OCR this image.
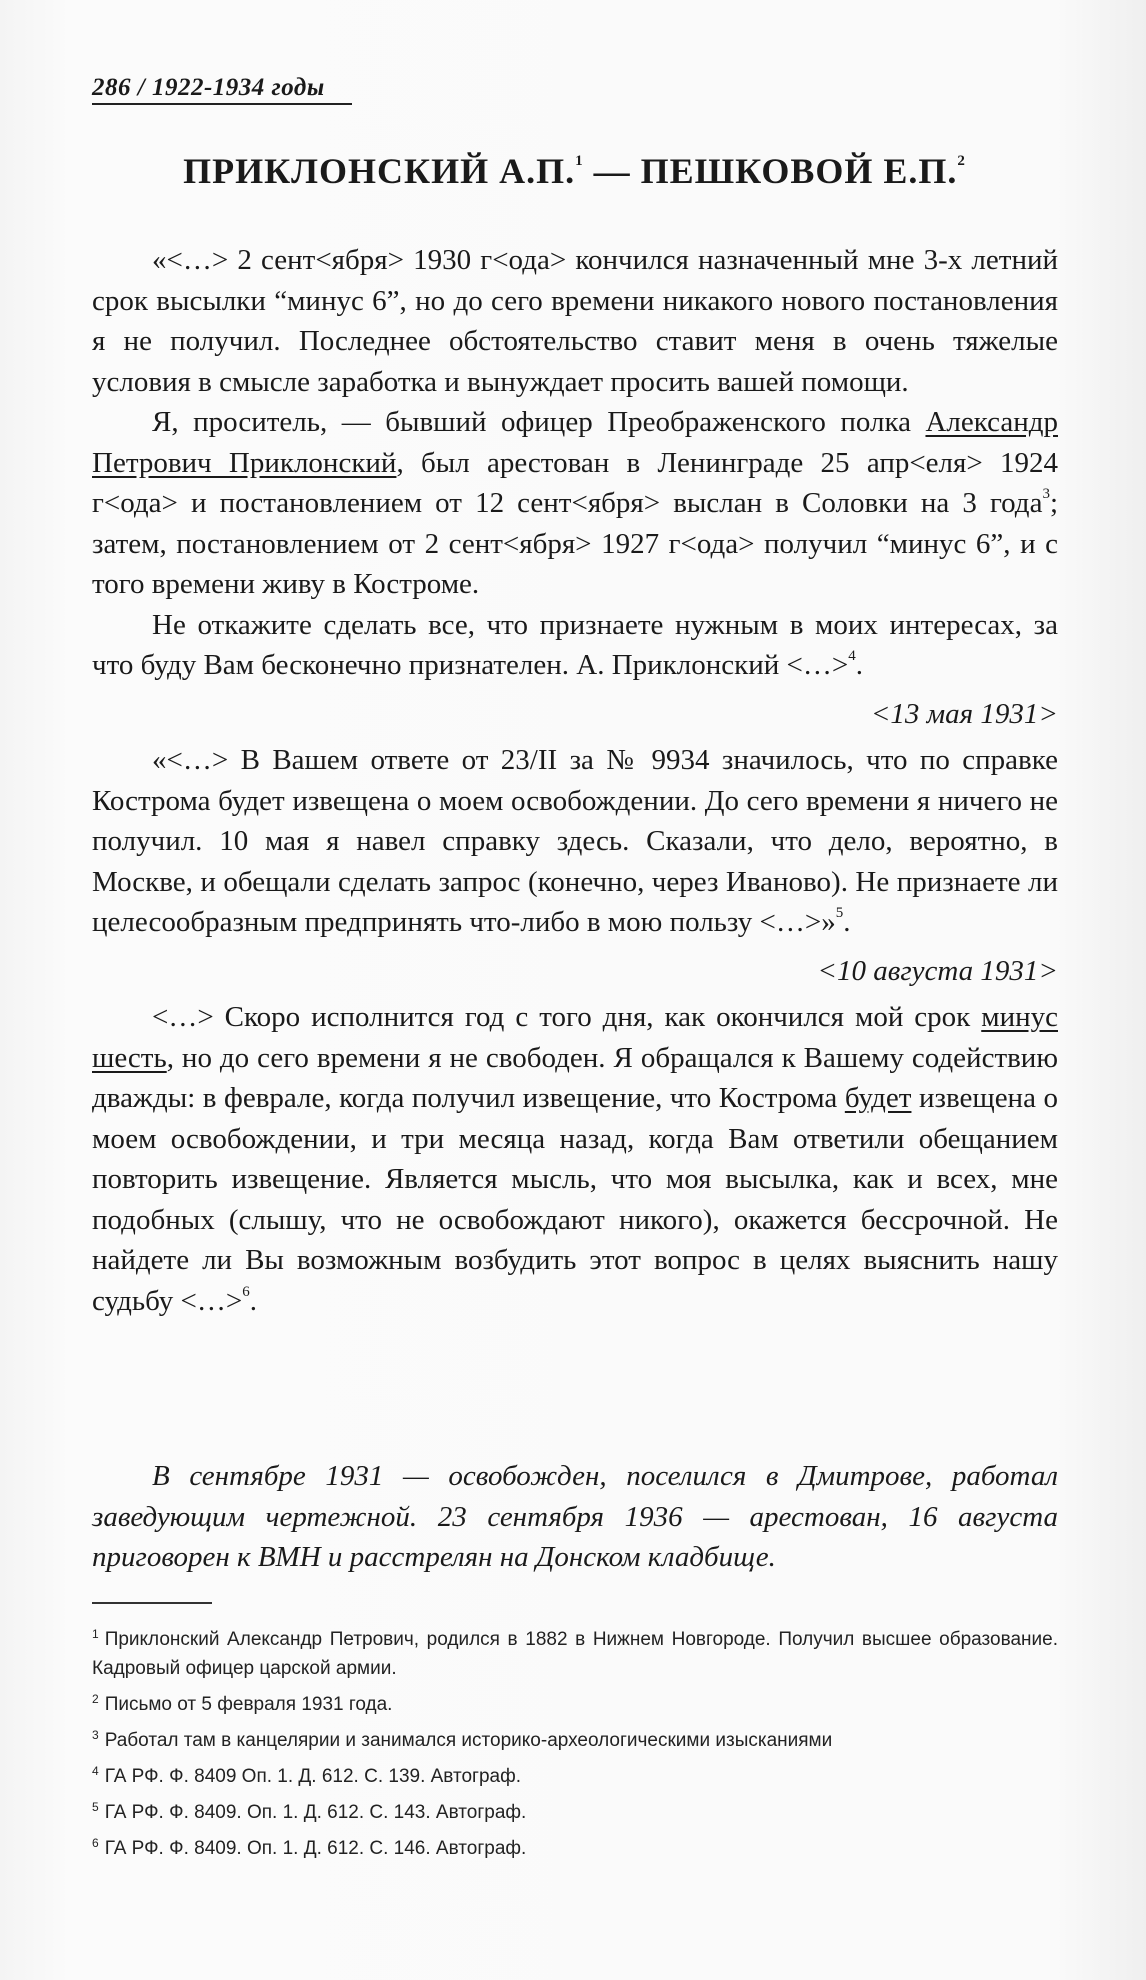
286 / 1922-1934 годы
ПРИКЛОНСКИЙ А.П.$^1$ — ПЕШКОВОЙ Е.П.$^2$

«<…> 2 сент<ября> 1930 г<ода> кончился назначенный мне 3-х летний срок высылки “минус 6”, но до сего времени никакого нового постановления я не получил. Последнее обстоятельство ставит меня в очень тяжелые условия в смысле заработка и вынуждает просить вашей помощи.

Я, проситель, — бывший офицер Преображенского полка Александр Петрович Приклонский, был арестован в Ленинграде 25 апр<еля> 1924 г<ода> и постановлением от 12 сент<ября> выслан в Соловки на 3 года$^3$; затем, постановлением от 2 сент<ября> 1927 г<ода> получил “минус 6”, и с того времени живу в Костроме.

Не откажите сделать все, что признаете нужным в моих интересах, за что буду Вам бесконечно признателен. А. Приклонский <…>$^4$.

<13 мая 1931>

«<…> В Вашем ответе от 23/II за № 9934 значилось, что по справке Кострома будет извещена о моем освобождении. До сего времени я ничего не получил. 10 мая я навел справку здесь. Сказали, что дело, вероятно, в Москве, и обещали сделать запрос (конечно, через Иваново). Не признаете ли целесообразным предпринять что-либо в мою пользу <…>»$^5$.

<10 августа 1931>

<…> Скоро исполнится год с того дня, как окончился мой срок минус шесть, но до сего времени я не свободен. Я обращался к Вашему содействию дважды: в феврале, когда получил извещение, что Кострома будет извещена о моем освобождении, и три месяца назад, когда Вам ответили обещанием повторить извещение. Является мысль, что моя высылка, как и всех, мне подобных (слышу, что не освобождают никого), окажется бессрочной. Не найдете ли Вы возможным возбудить этот вопрос в целях выяснить нашу судьбу <…>$^6$.

В сентябре 1931 — освобожден, поселился в Дмитрове, работал заведующим чертежной. 23 сентября 1936 — арестован, 16 августа приговорен к ВМН и расстрелян на Донском кладбище.

$^1$ Приклонский Александр Петрович, родился в 1882 в Нижнем Новгороде. Получил высшее образование. Кадровый офицер царской армии.

$^2$ Письмо от 5 февраля 1931 года.

$^3$ Работал там в канцелярии и занимался историко-археологическими изысканиями

$^4$ ГА РФ. Ф. 8409 Оп. 1. Д. 612. С. 139. Автограф.

$^5$ ГА РФ. Ф. 8409. Оп. 1. Д. 612. С. 143. Автограф.

$^6$ ГА РФ. Ф. 8409. Оп. 1. Д. 612. С. 146. Автограф.
